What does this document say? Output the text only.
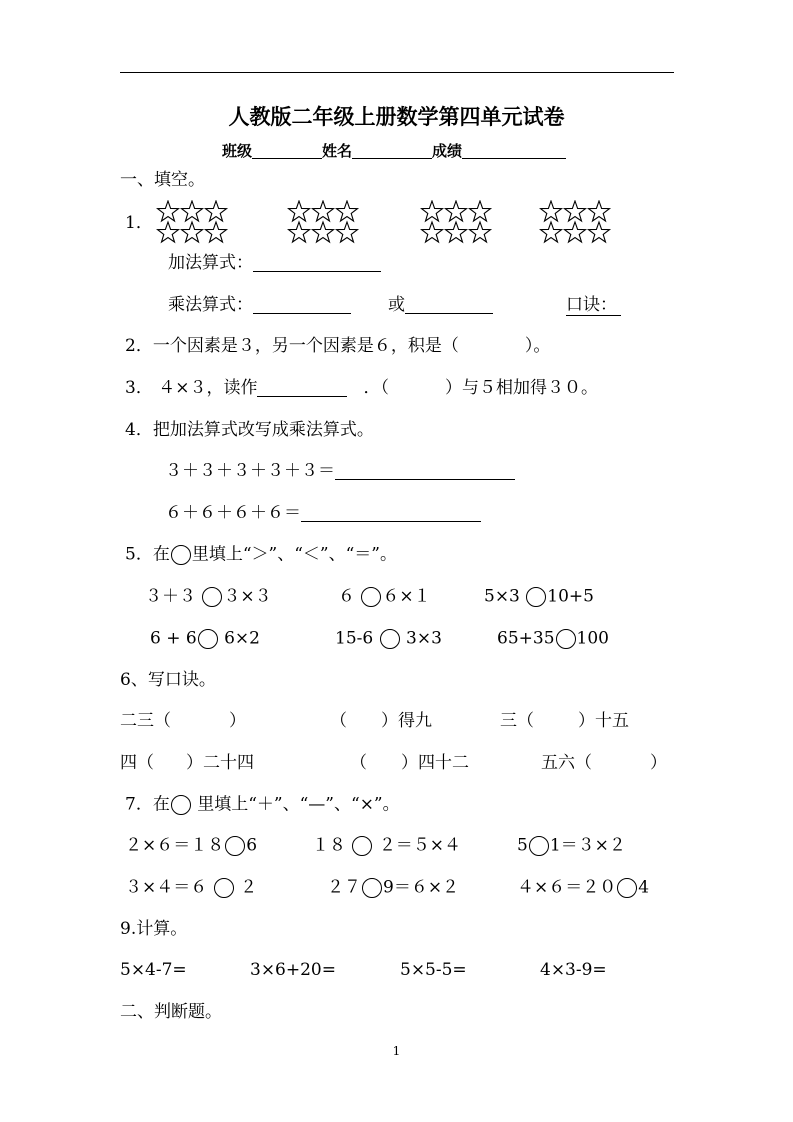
人教版二年级上册数学第四单元试卷
班级	姓名	成绩
一、填空。
1．
加法算式：
乘法算式：	或	口诀：
2．一个因素是３，另一个因素是６，积是（	）。
3． ４×３，读作	．（	）与５相加得３０。
4．把加法算式改写成乘法算式。
３＋３＋３＋３＋３＝
６＋６＋６＋６＝
5．在 里填上“＞”、“＜”、“＝”。
３＋３ ３×３	６ ６×１	5×3 10+5
6 + 6 6×2	15-6 3×3	65+35 100
6、写口诀。
二三（	）	（ ）得九	三（	）十五
四（ ）二十四	（ ）四十二	五六（	）
7．在 里填上“＋”、“—”、“×”。
２×６＝１８ 6	１８ ２＝５×４	5 1＝３×２
３×４＝６ ２	２７ 9＝６×２	４×６＝２０ 4
9.计算。
5×4-7=	3×6+20=	5×5-5=	4×3-9=
二、判断题。
1
